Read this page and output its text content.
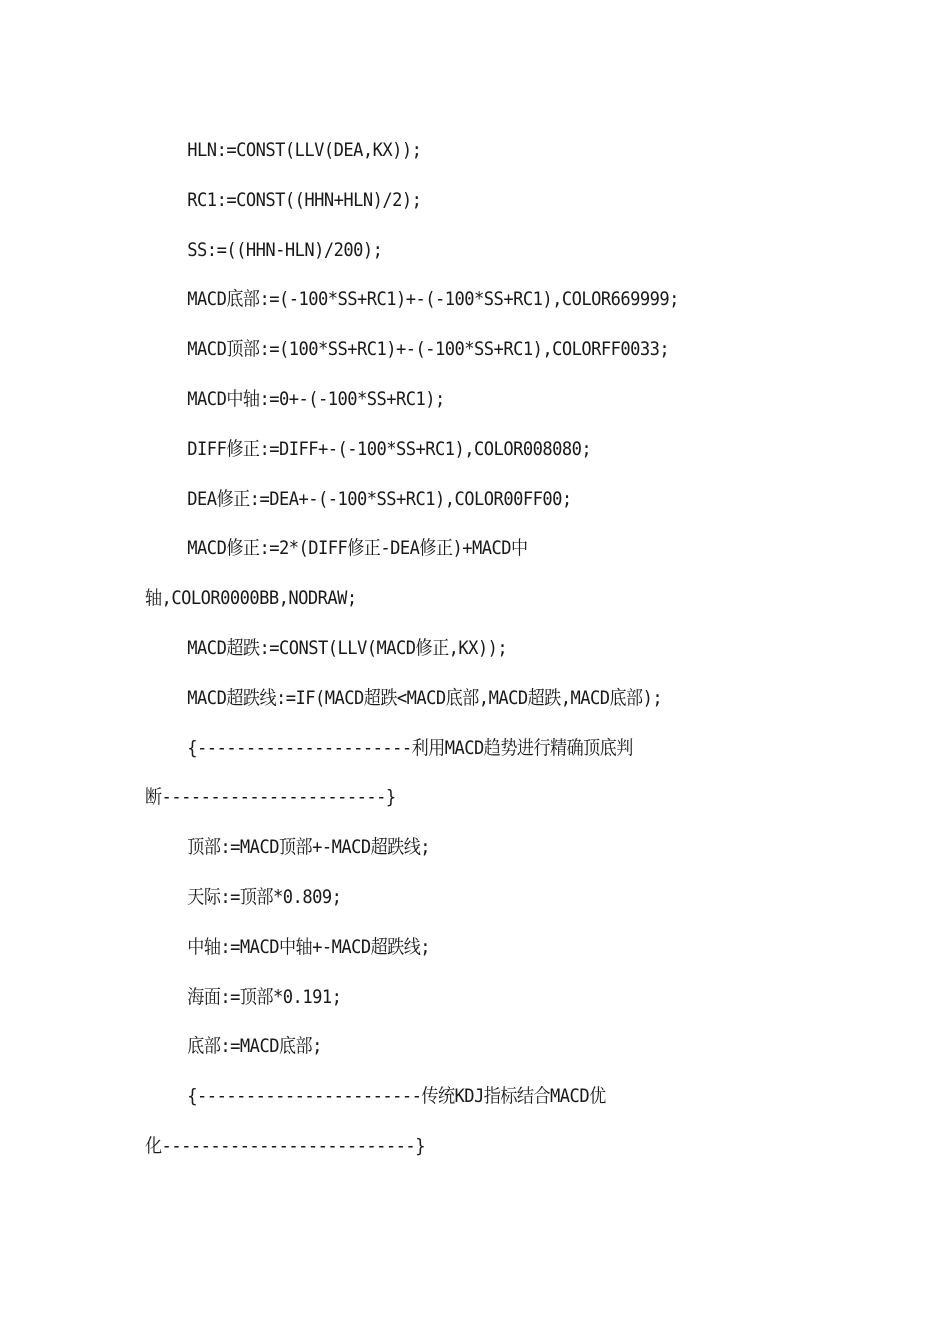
HLN:=CONST(LLV(DEA,KX));
RC1:=CONST((HHN+HLN)/2);
SS:=((HHN-HLN)/200);
MACD底部:=(-100*SS+RC1)+-(-100*SS+RC1),COLOR669999;
MACD顶部:=(100*SS+RC1)+-(-100*SS+RC1),COLORFF0033;
MACD中轴:=0+-(-100*SS+RC1);
DIFF修正:=DIFF+-(-100*SS+RC1),COLOR008080;
DEA修正:=DEA+-(-100*SS+RC1),COLOR00FF00;
MACD修正:=2*(DIFF修正-DEA修正)+MACD中
轴,COLOR0000BB,NODRAW;
MACD超跌:=CONST(LLV(MACD修正,KX));
MACD超跌线:=IF(MACD超跌<MACD底部,MACD超跌,MACD底部);
{----------------------利用MACD趋势进行精确顶底判
断-----------------------}
顶部:=MACD顶部+-MACD超跌线;
天际:=顶部*0.809;
中轴:=MACD中轴+-MACD超跌线;
海面:=顶部*0.191;
底部:=MACD底部;
{-----------------------传统KDJ指标结合MACD优
化--------------------------}
